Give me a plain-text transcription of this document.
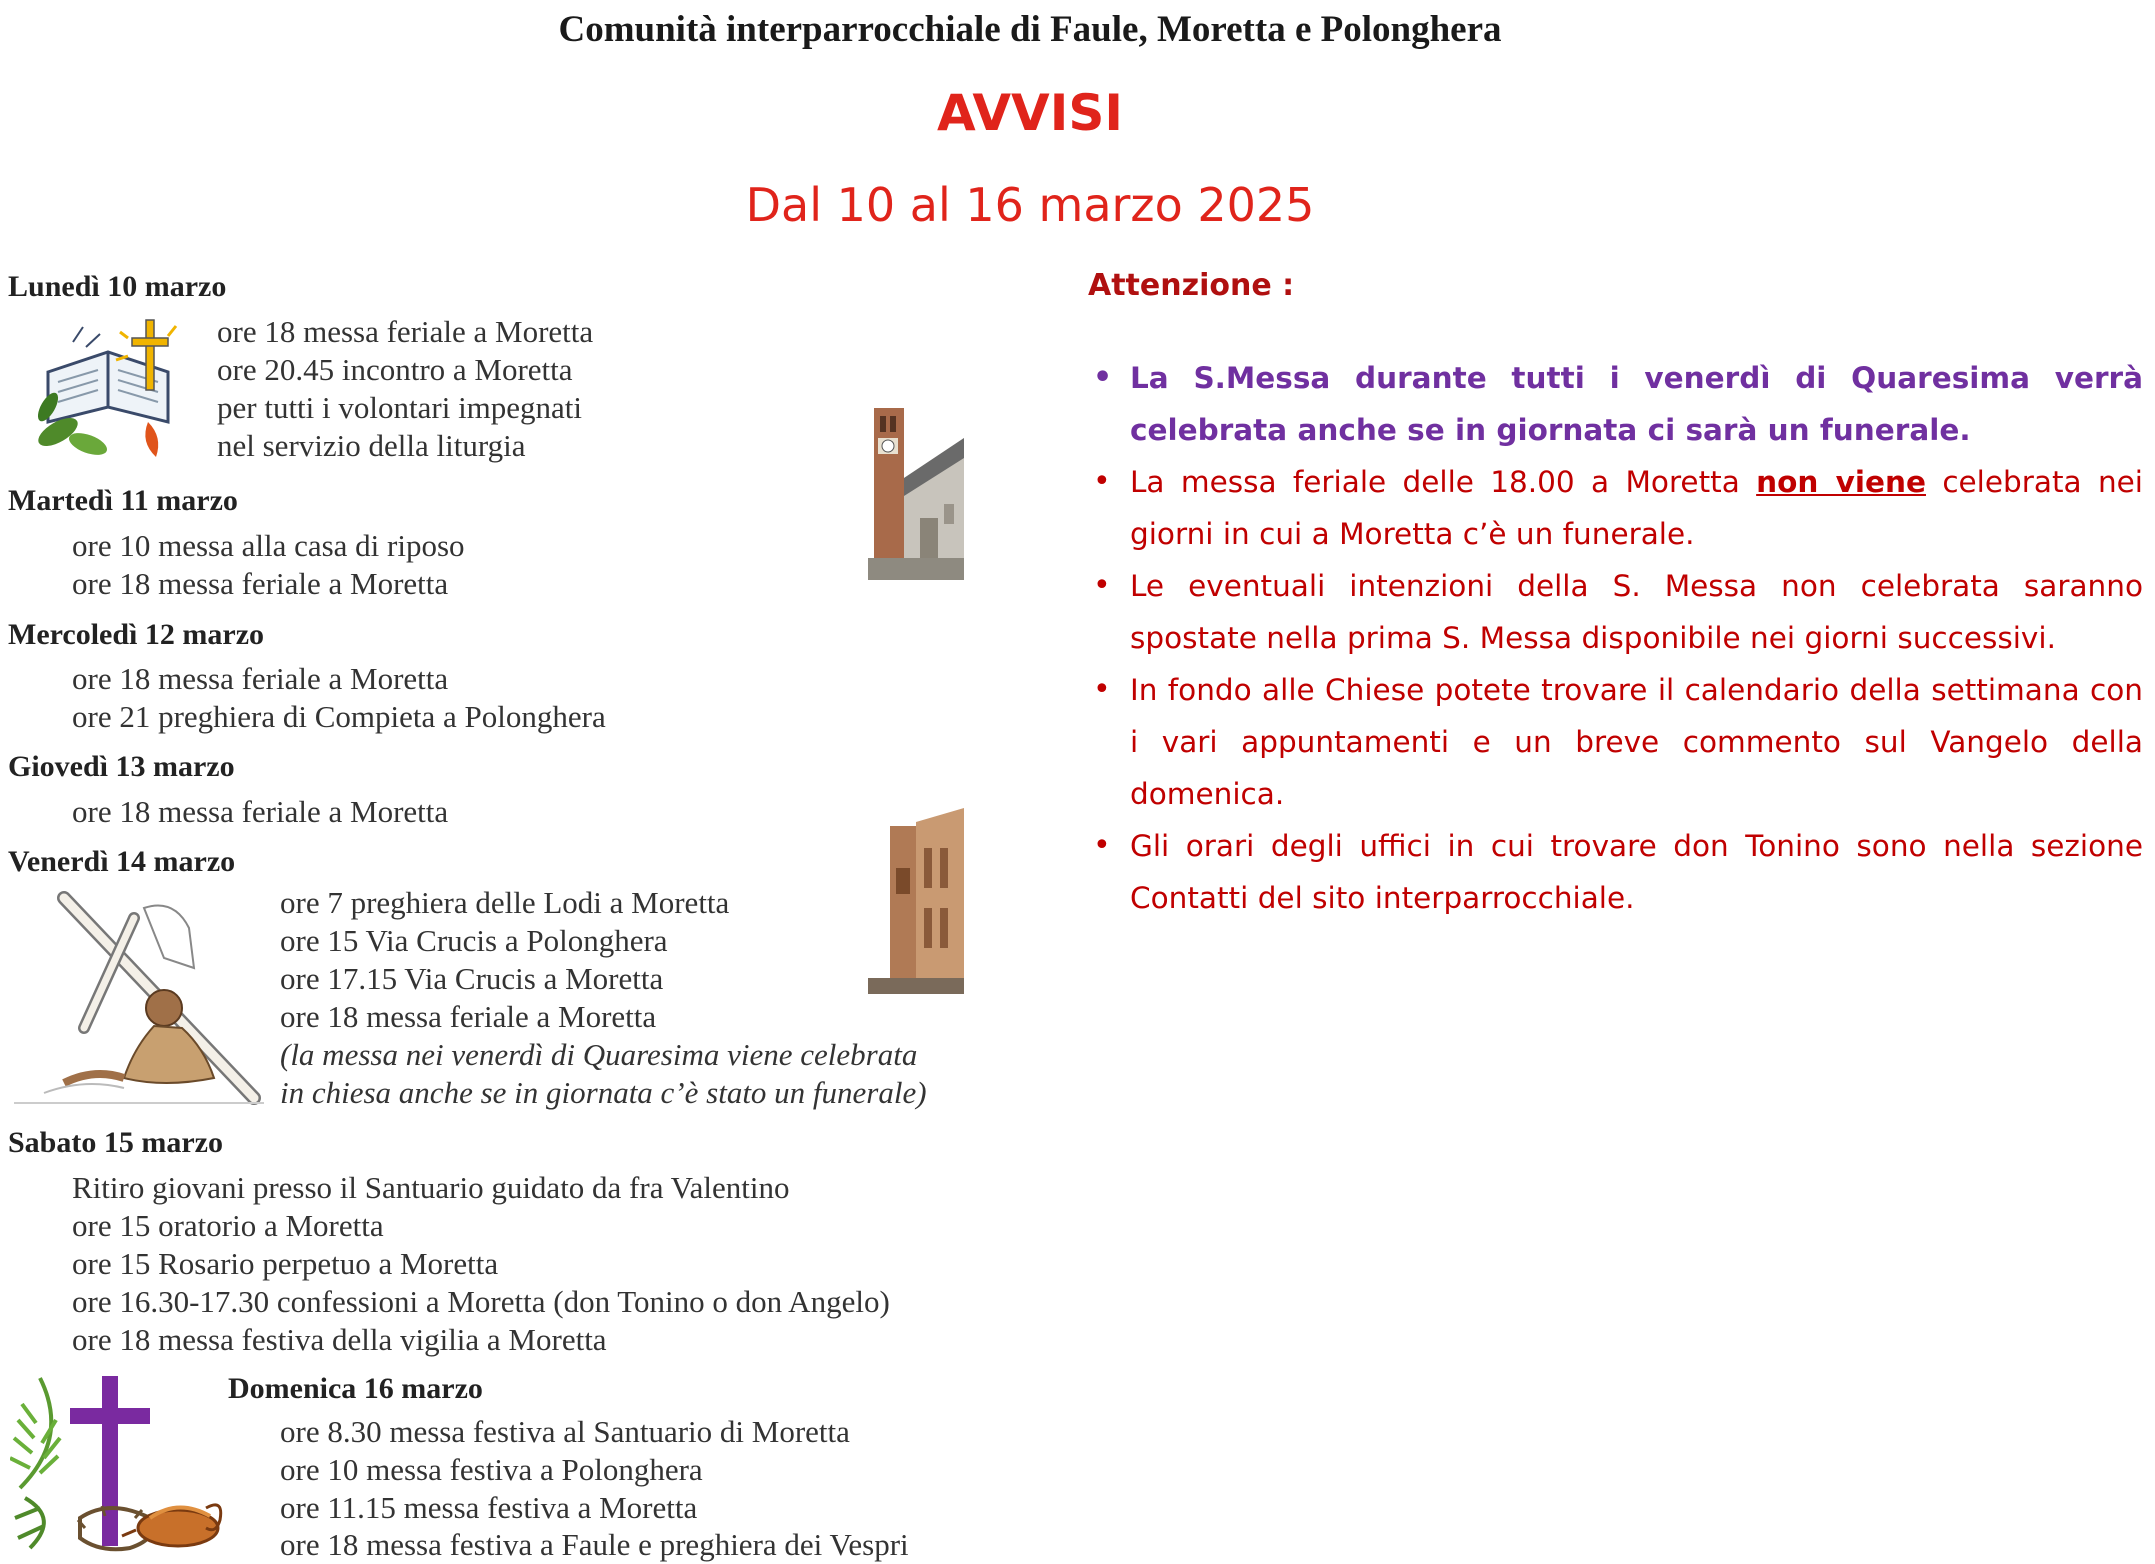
Comunità interparrocchiale di Faule, Moretta e Polonghera
AVVISI
Dal 10 al 16 marzo 2025
Lunedì 10 marzo
ore 18 messa feriale a Moretta
ore 20.45 incontro a Moretta
per tutti i volontari impegnati
nel servizio della liturgia
Martedì 11 marzo
ore 10 messa alla casa di riposo
ore 18 messa feriale a Moretta
Mercoledì 12 marzo
ore 18 messa feriale a Moretta
ore 21 preghiera di Compieta a Polonghera
Giovedì 13 marzo
ore 18 messa feriale a Moretta
Venerdì 14 marzo
ore 7 preghiera delle Lodi a Moretta
ore 15 Via Crucis a Polonghera
ore 17.15 Via Crucis a Moretta
ore 18 messa feriale a Moretta
(la messa nei venerdì di Quaresima viene celebrata
in chiesa anche se in giornata c’è stato un funerale)
Sabato 15 marzo
Ritiro giovani presso il Santuario guidato da fra Valentino
ore 15 oratorio a Moretta
ore 15 Rosario perpetuo a Moretta
ore 16.30-17.30 confessioni a Moretta (don Tonino o don Angelo)
ore 18 messa festiva della vigilia a Moretta
Domenica 16 marzo
ore 8.30 messa festiva al Santuario di Moretta
ore 10 messa festiva a Polonghera
ore 11.15 messa festiva a Moretta
ore 18 messa festiva a Faule e preghiera dei Vespri
Attenzione :
• La S.Messa durante tutti i venerdì di Quaresima verrà celebrata anche se in giornata ci sarà un funerale.
• La messa feriale delle 18.00 a Moretta non viene celebrata nei giorni in cui a Moretta c’è un funerale.
• Le eventuali intenzioni della S. Messa non celebrata saranno spostate nella prima S. Messa disponibile nei giorni successivi.
• In fondo alle Chiese potete trovare il calendario della settimana con i vari appuntamenti e un breve commento sul Vangelo della domenica.
• Gli orari degli uffici in cui trovare don Tonino sono nella sezione Contatti del sito interparrocchiale.
